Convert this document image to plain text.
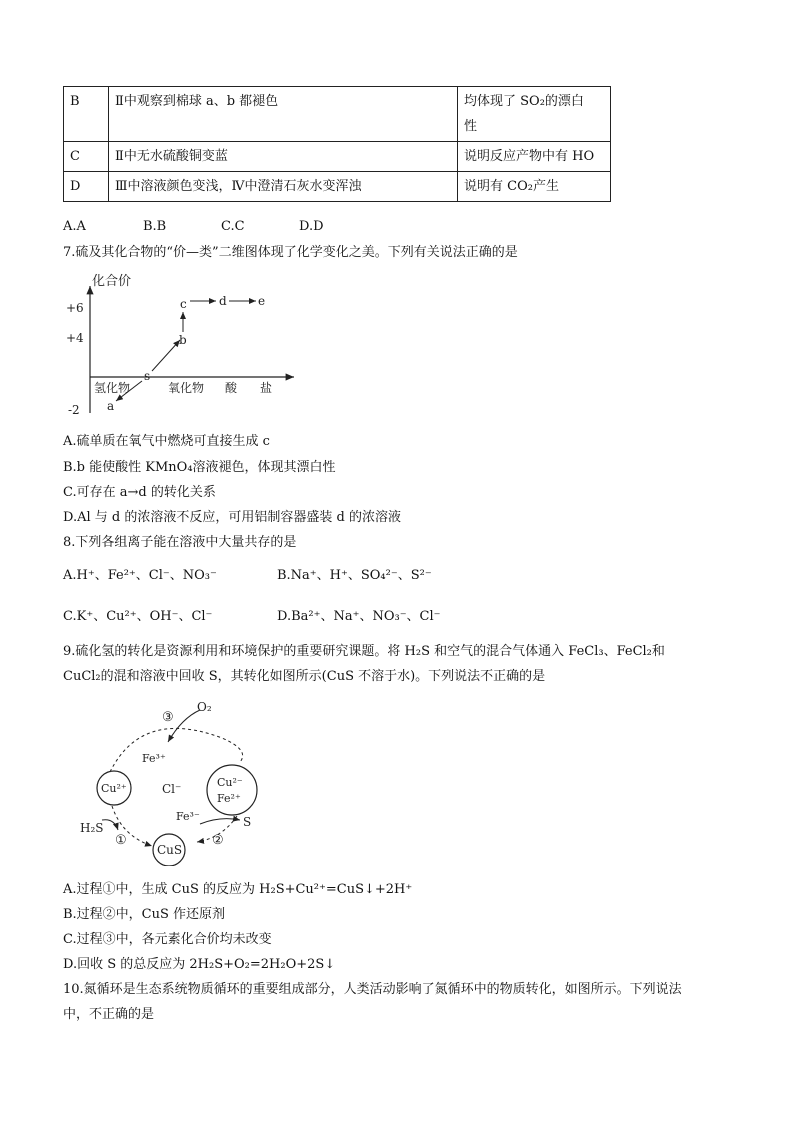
B	Ⅱ中观察到棉球 a、b 都褪色	均体现了 SO₂的漂白
性

C	Ⅱ中无水硫酸铜变蓝	说明反应产物中有 HO
D	Ⅲ中溶液颜色变浅，Ⅳ中澄清石灰水变浑浊	说明有 CO₂产生
A.A	B.B	C.C	D.D
7.硫及其化合物的“价—类”二维图体现了化学变化之美。下列有关说法正确的是
化合价
+6
+4
-2
氢化物	氧化物 酸 盐
a
s
b
c	d	e
A.硫单质在氧气中燃烧可直接生成 c
B.b 能使酸性 KMnO₄溶液褪色，体现其漂白性
C.可存在 a→d 的转化关系
D.Al 与 d 的浓溶液不反应，可用铝制容器盛装 d 的浓溶液
8.下列各组离子能在溶液中大量共存的是
A.H⁺、Fe²⁺、Cl⁻、NO₃⁻	B.Na⁺、H⁺、SO₄²⁻、S²⁻
C.K⁺、Cu²⁺、OH⁻、Cl⁻	D.Ba²⁺、Na⁺、NO₃⁻、Cl⁻
9.硫化氢的转化是资源利用和环境保护的重要研究课题。将 H₂S 和空气的混合气体通入 FeCl₃、FeCl₂和
CuCl₂的混和溶液中回收 S，其转化如图所示(CuS 不溶于水)。下列说法不正确的是
O₂
③
Fe³⁺
Cu²⁺	Cl⁻	Cu²⁻
Fe²⁺
Fe³⁻	S
H₂S
①
CuS
②
A.过程①中，生成 CuS 的反应为 H₂S+Cu²⁺=CuS↓+2H⁺
B.过程②中，CuS 作还原剂
C.过程③中，各元素化合价均未改变
D.回收 S 的总反应为 2H₂S+O₂=2H₂O+2S↓
10.氮循环是生态系统物质循环的重要组成部分，人类活动影响了氮循环中的物质转化，如图所示。下列说法
中，不正确的是
